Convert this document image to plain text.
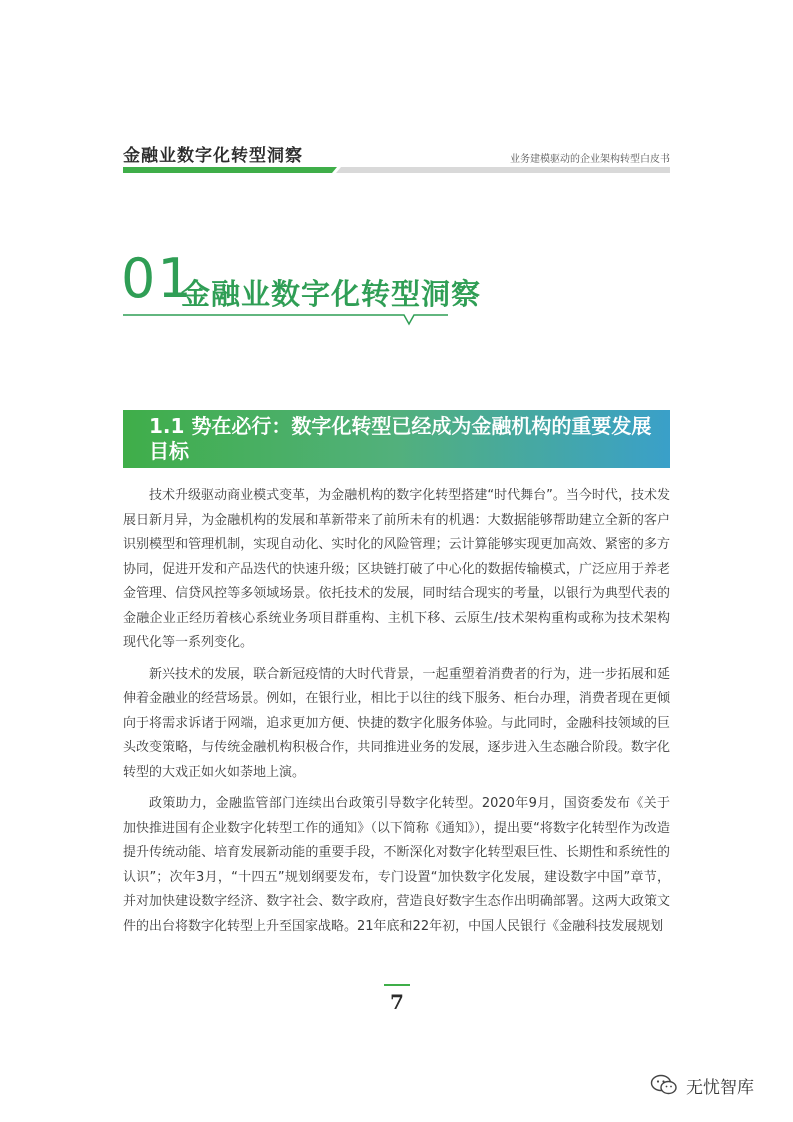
金融业数字化转型洞察	业务建模驱动的企业架构转型白皮书
01
金融业数字化转型洞察
1.1 势在必行：数字化转型已经成为金融机构的重要发展目标

技术升级驱动商业模式变革，为金融机构的数字化转型搭建“时代舞台”。当今时代，技术发展日新月异，为金融机构的发展和革新带来了前所未有的机遇：大数据能够帮助建立全新的客户识别模型和管理机制，实现自动化、实时化的风险管理；云计算能够实现更加高效、紧密的多方协同，促进开发和产品迭代的快速升级；区块链打破了中心化的数据传输模式，广泛应用于养老金管理、信贷风控等多领域场景。依托技术的发展，同时结合现实的考量，以银行为典型代表的金融企业正经历着核心系统业务项目群重构、主机下移、云原生/技术架构重构或称为技术架构现代化等一系列变化。

新兴技术的发展，联合新冠疫情的大时代背景，一起重塑着消费者的行为，进一步拓展和延伸着金融业的经营场景。例如，在银行业，相比于以往的线下服务、柜台办理，消费者现在更倾向于将需求诉诸于网端，追求更加方便、快捷的数字化服务体验。与此同时，金融科技领域的巨头改变策略，与传统金融机构积极合作，共同推进业务的发展，逐步进入生态融合阶段。数字化转型的大戏正如火如荼地上演。

政策助力，金融监管部门连续出台政策引导数字化转型。2020年9月，国资委发布《关于加快推进国有企业数字化转型工作的通知》（以下简称《通知》），提出要“将数字化转型作为改造提升传统动能、培育发展新动能的重要手段，不断深化对数字化转型艰巨性、长期性和系统性的认识”；次年3月，“十四五”规划纲要发布，专门设置“加快数字化发展，建设数字中国”章节，并对加快建设数字经济、数字社会、数字政府，营造良好数字生态作出明确部署。这两大政策文件的出台将数字化转型上升至国家战略。21年底和22年初，中国人民银行《金融科技发展规划

7
无忧智库
